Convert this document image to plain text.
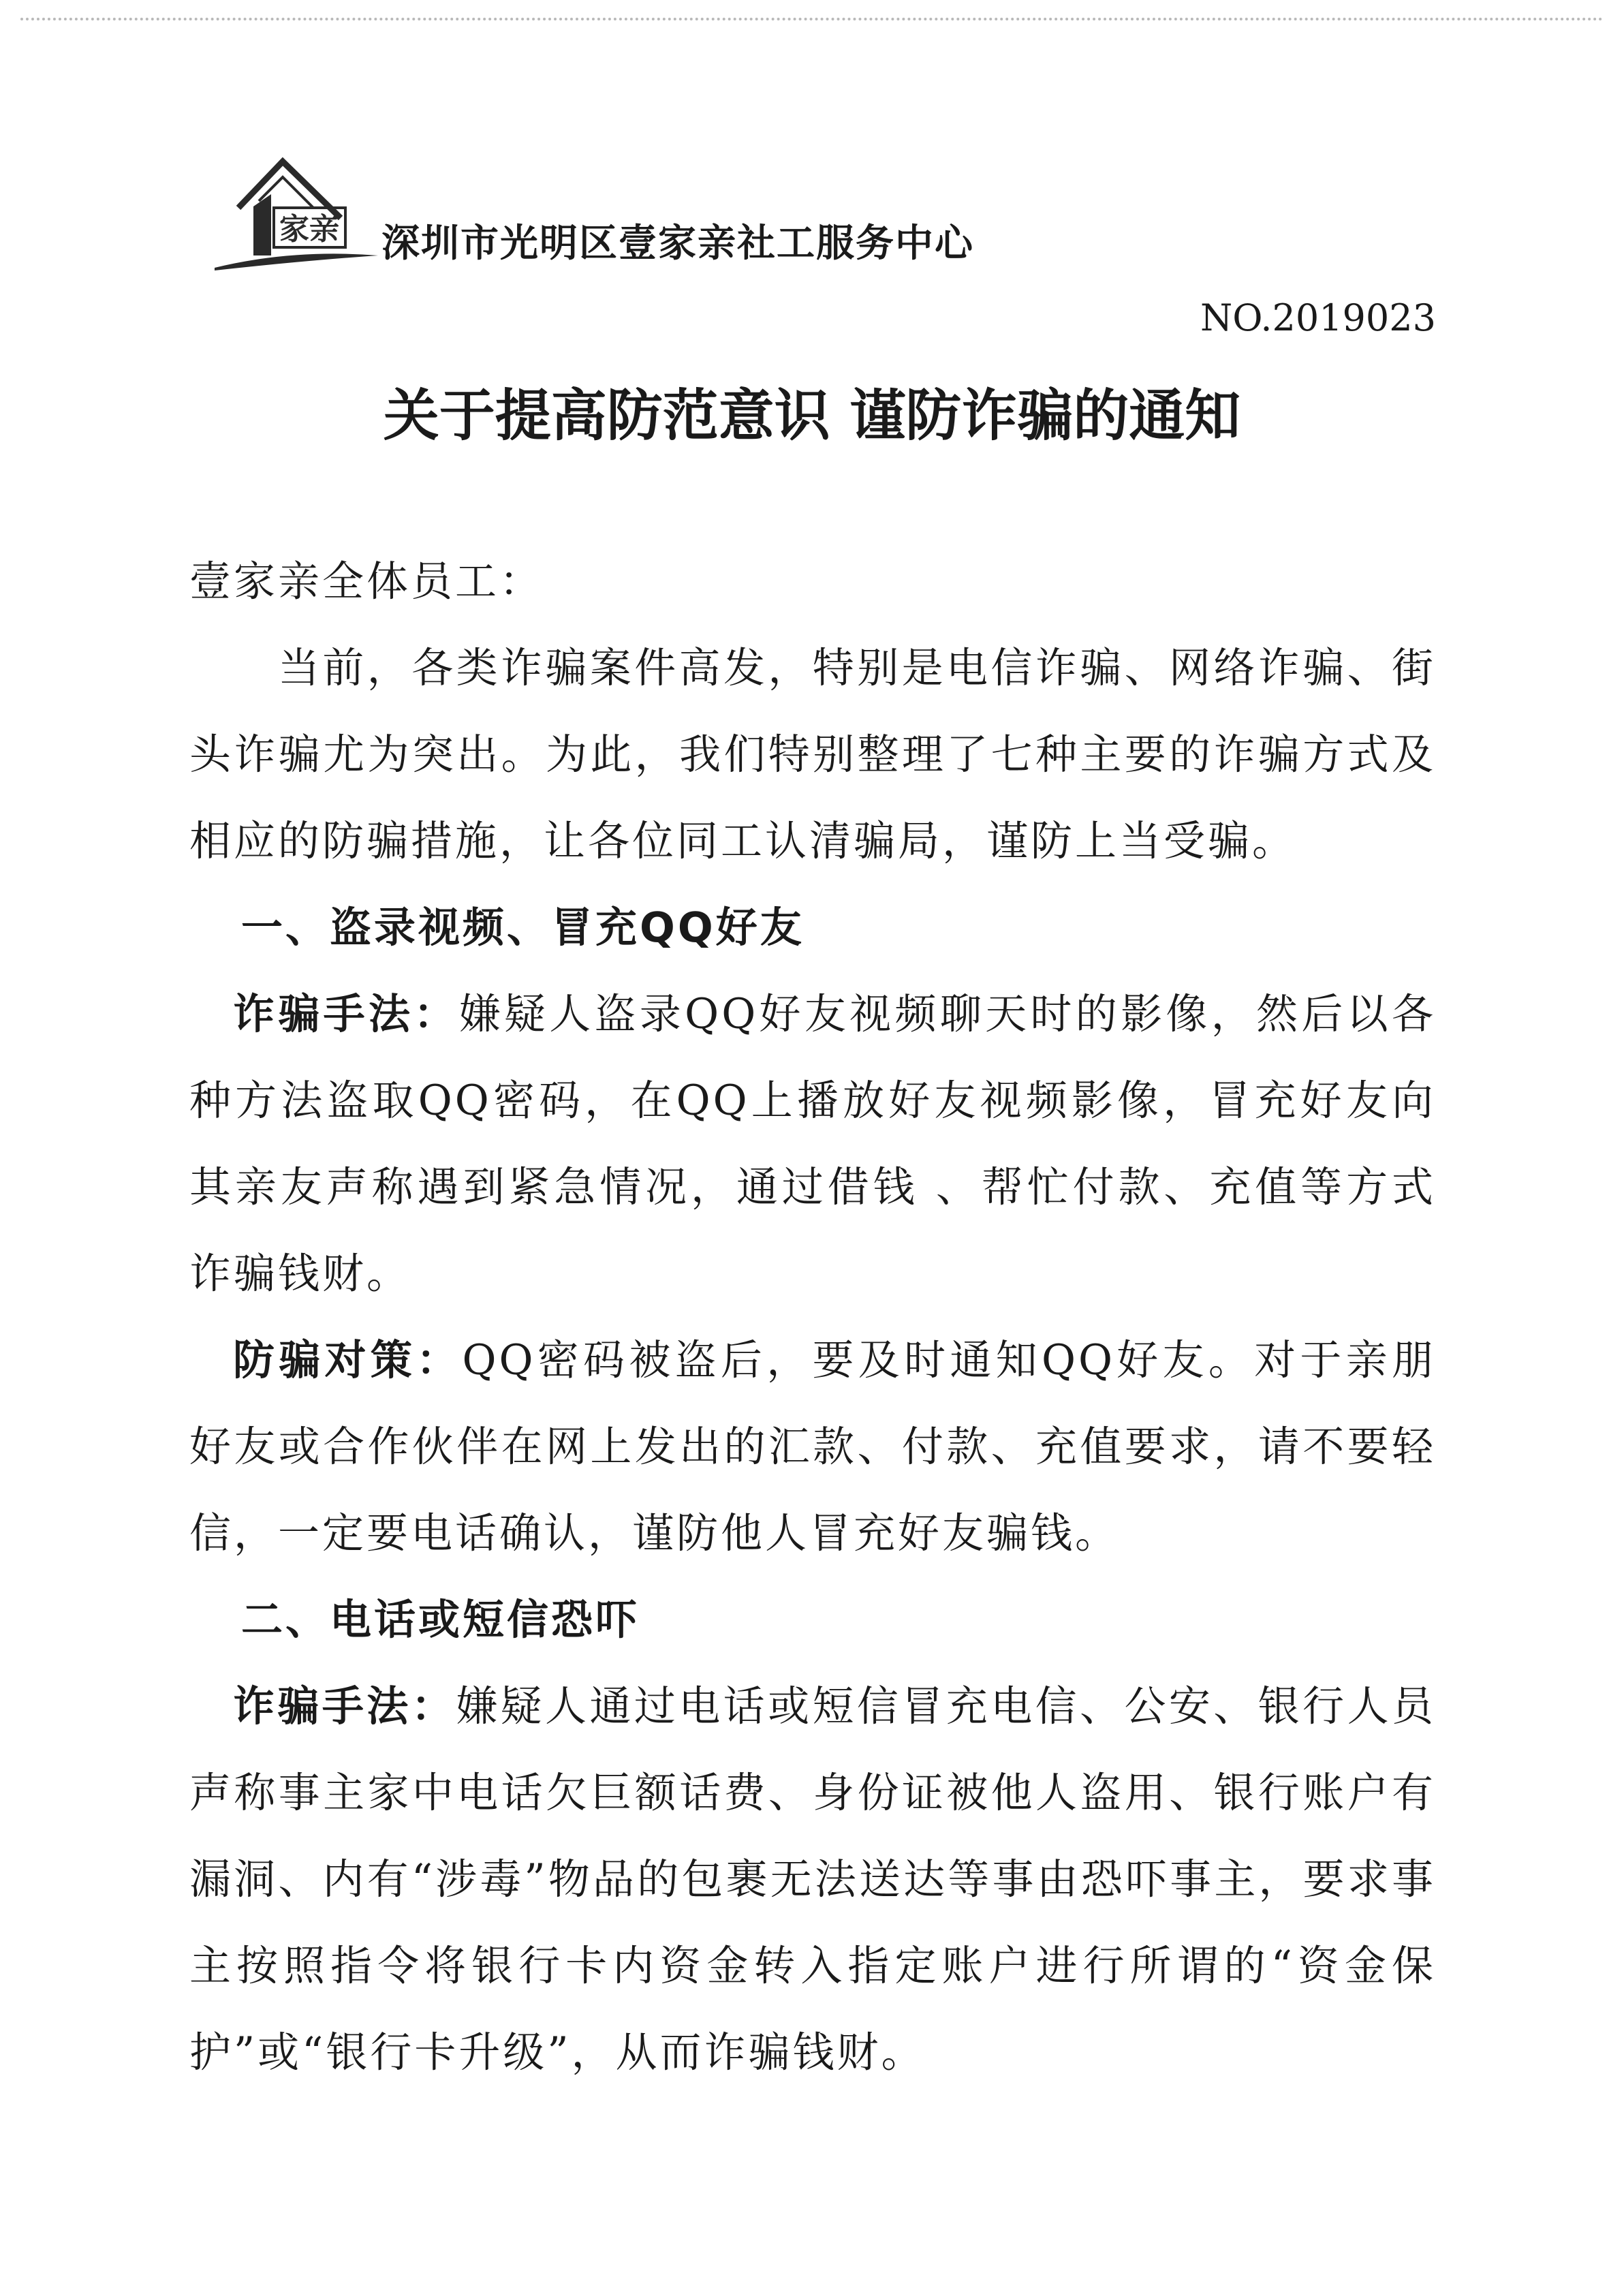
家亲 深圳市光明区壹家亲社工服务中心
NO.2019023
关于提高防范意识 谨防诈骗的通知

壹家亲全体员工：

当前，各类诈骗案件高发，特别是电信诈骗、网络诈骗、街头诈骗尤为突出。为此，我们特别整理了七种主要的诈骗方式及相应的防骗措施，让各位同工认清骗局，谨防上当受骗。

一、盗录视频、冒充QQ好友

诈骗手法：嫌疑人盗录QQ好友视频聊天时的影像，然后以各种方法盗取QQ密码，在QQ上播放好友视频影像，冒充好友向其亲友声称遇到紧急情况，通过借钱 、帮忙付款、充值等方式诈骗钱财。

防骗对策：QQ密码被盗后，要及时通知QQ好友。对于亲朋好友或合作伙伴在网上发出的汇款、付款、充值要求，请不要轻信，一定要电话确认，谨防他人冒充好友骗钱。

二、电话或短信恐吓

诈骗手法：嫌疑人通过电话或短信冒充电信、公安、银行人员声称事主家中电话欠巨额话费、身份证被他人盗用、银行账户有漏洞、内有“涉毒”物品的包裹无法送达等事由恐吓事主，要求事主按照指令将银行卡内资金转入指定账户进行所谓的“资金保护”或“银行卡升级”，从而诈骗钱财。
